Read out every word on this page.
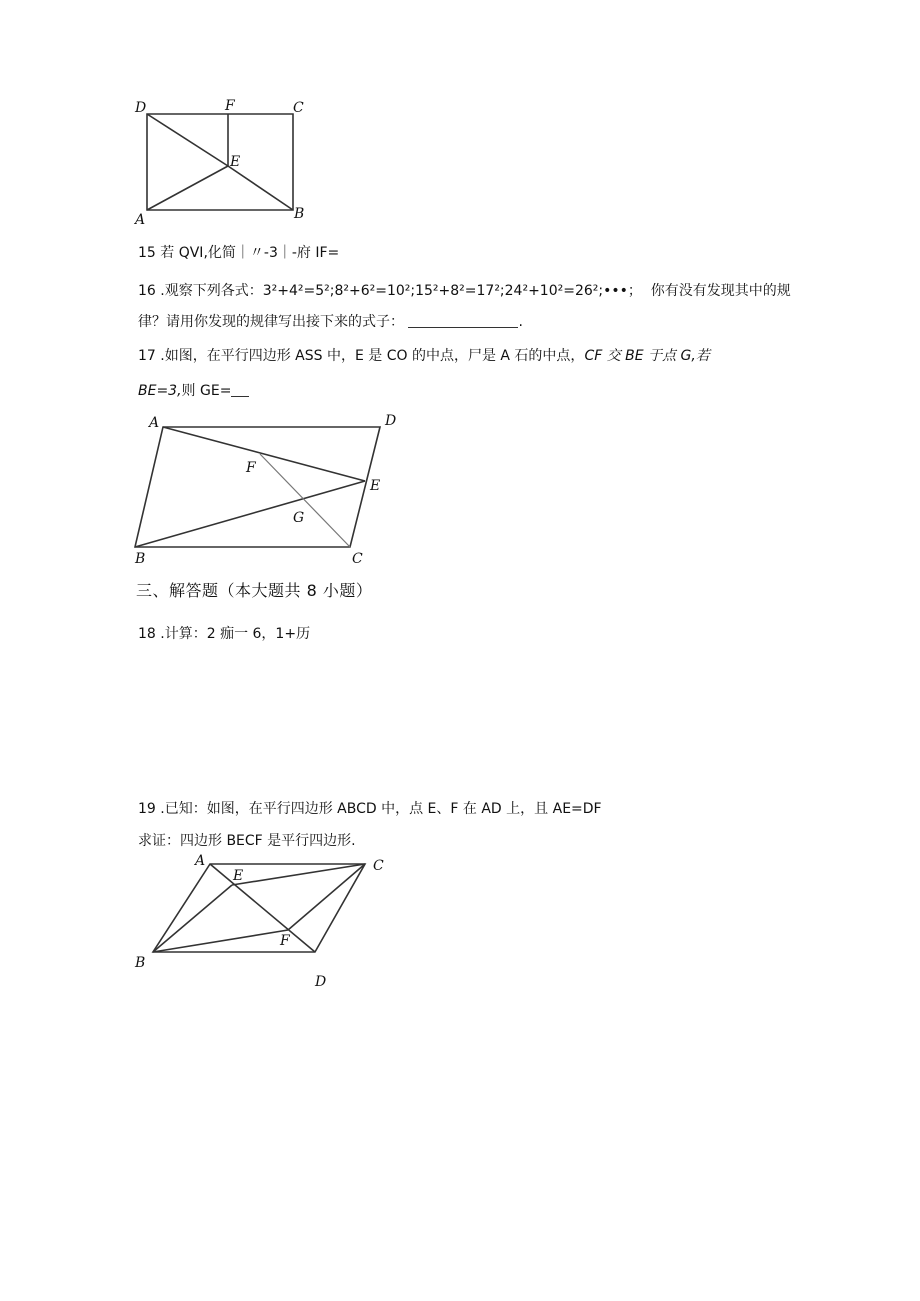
D	F	C
E
A	B
15 若 QVI,化简｜〃-3｜-府 IF=
16 .观察下列各式：3²+4²=5²;8²+6²=10²;15²+8²=17²;24²+10²=26²;•••； 你有没有发现其中的规
律？请用你发现的规律写出接下来的式子：	.
17 .如图，在平行四边形 ASS 中，E 是 CO 的中点，尸是 A 石的中点，CF 交 BE 于点 G,若
BE=3,则 GE=
A	D
F
E
G
B	C
三、解答题（本大题共 8 小题）
18 .计算：2 痂一 6，1+历
19 .已知：如图，在平行四边形 ABCD 中，点 E、F 在 AD 上，且 AE=DF
求证：四边形 BECF 是平行四边形.
A
E
C
F
B
D
